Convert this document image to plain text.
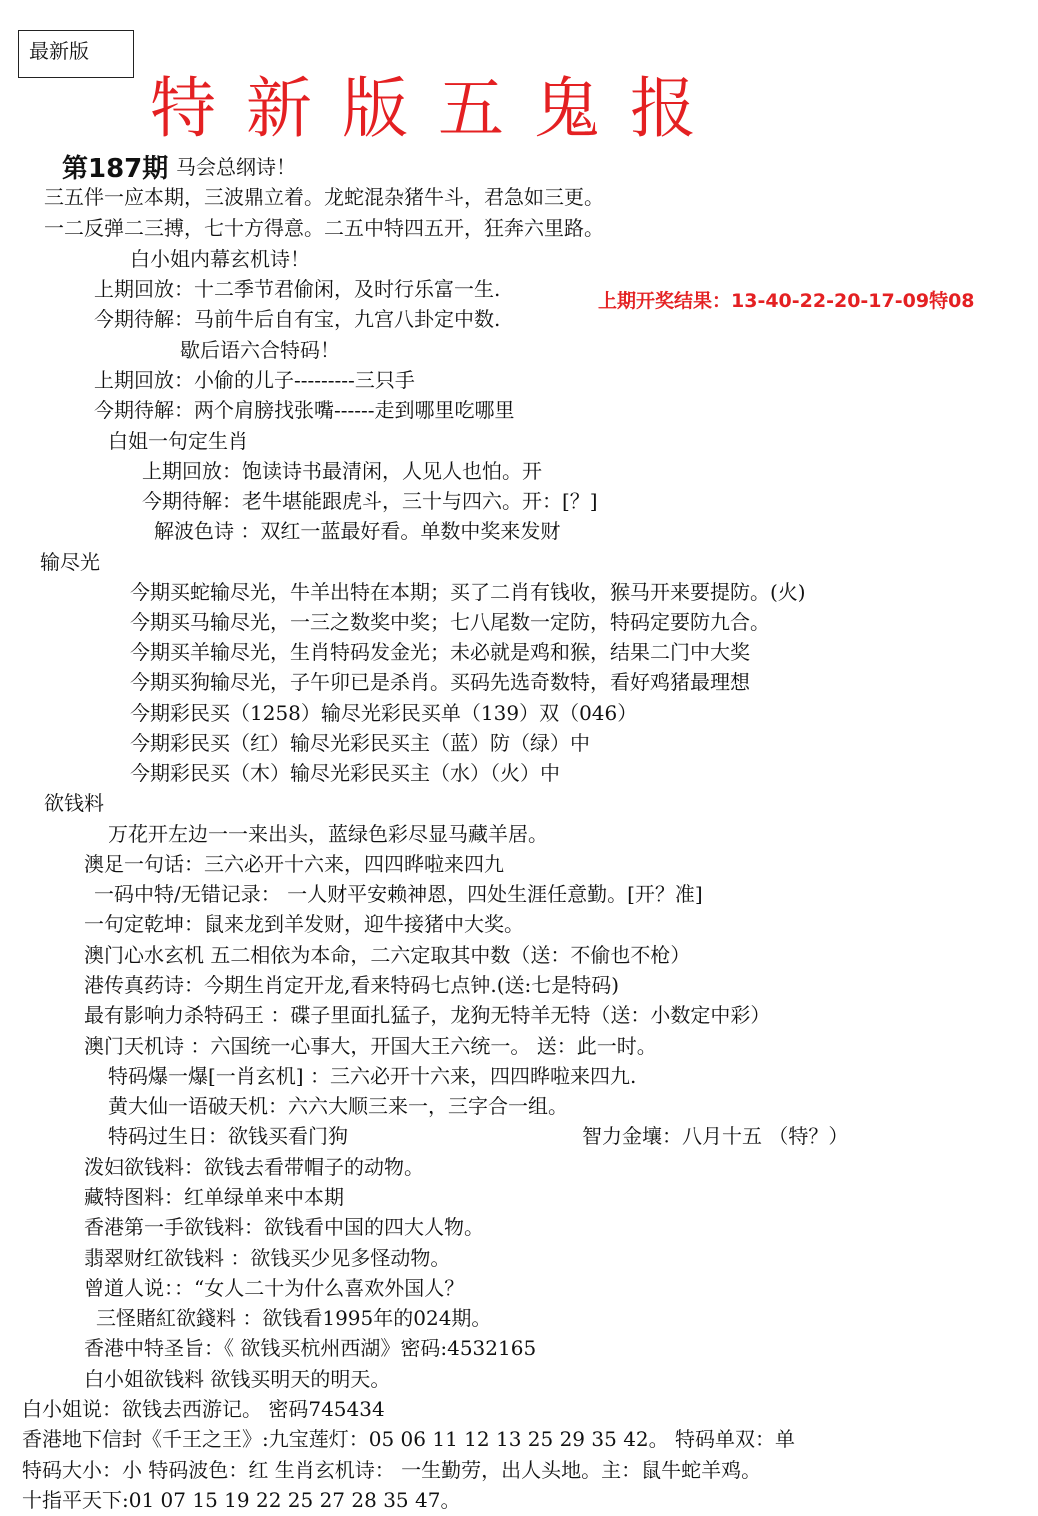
最新版
特新版五鬼报
第187期
上期开奖结果：13-40-22-20-17-09特08
马会总纲诗！
三五伴一应本期，三波鼎立着。龙蛇混杂猪牛斗，君急如三更。
一二反弹二三搏，七十方得意。二五中特四五开，狂奔六里路。
白小姐内幕玄机诗！
上期回放：十二季节君偷闲，及时行乐富一生.
今期待解：马前牛后自有宝，九宫八卦定中数.
歇后语六合特码！
上期回放：小偷的儿子---------三只手
今期待解：两个肩膀找张嘴------走到哪里吃哪里
白姐一句定生肖
上期回放：饱读诗书最清闲，人见人也怕。开
今期待解：老牛堪能跟虎斗，三十与四六。开：[？]
解波色诗 ：双红一蓝最好看。单数中奖来发财
输尽光
今期买蛇输尽光，牛羊出特在本期；买了二肖有钱收，猴马开来要提防。(火)
今期买马输尽光，一三之数奖中奖；七八尾数一定防，特码定要防九合。
今期买羊输尽光，生肖特码发金光；未必就是鸡和猴，结果二门中大奖
今期买狗输尽光，子午卯已是杀肖。买码先选奇数特，看好鸡猪最理想
今期彩民买（1258）输尽光彩民买单（139）双（046）
今期彩民买（红）输尽光彩民买主（蓝）防（绿）中
今期彩民买（木）输尽光彩民买主（水）（火）中
欲钱料
万花开左边一一来出头，蓝绿色彩尽显马藏羊居。
澳足一句话：三六必开十六来，四四晔啦来四九
一码中特/无错记录： 一人财平安赖神恩，四处生涯任意勤。[开？准]
一句定乾坤：鼠来龙到羊发财，迎牛接猪中大奖。
澳门心水玄机 五二相依为本命，二六定取其中数（送：不偷也不枪）
港传真药诗：今期生肖定开龙,看来特码七点钟.(送:七是特码)
最有影响力杀特码王 ：碟子里面扎猛子，龙狗无特羊无特（送：小数定中彩）
澳门天机诗 ：六国统一心事大，开国大王六统一。 送：此一时。
特码爆一爆[一肖玄机] ：三六必开十六来，四四晔啦来四九.
黄大仙一语破天机：六六大顺三来一，三字合一组。
特码过生日：欲钱买看门狗	智力金壤：八月十五 （特？）
泼妇欲钱料：欲钱去看带帽子的动物。
藏特图料：红单绿单来中本期
香港第一手欲钱料：欲钱看中国的四大人物。
翡翠财红欲钱料 ：欲钱买少见多怪动物。
曾道人说：：“女人二十为什么喜欢外国人？
三怪賭紅欲錢料 ：欲钱看1995年的024期。
香港中特圣旨：《 欲钱买杭州西湖》密码:4532165
白小姐欲钱料 欲钱买明天的明天。
白小姐说：欲钱去西游记。 密码745434
香港地下信封《千王之王》:九宝莲灯：05 06 11 12 13 25 29 35 42。 特码单双：单
特码大小：小 特码波色：红 生肖玄机诗： 一生勤劳，出人头地。主：鼠牛蛇羊鸡。
十指平天下:01 07 15 19 22 25 27 28 35 47。
